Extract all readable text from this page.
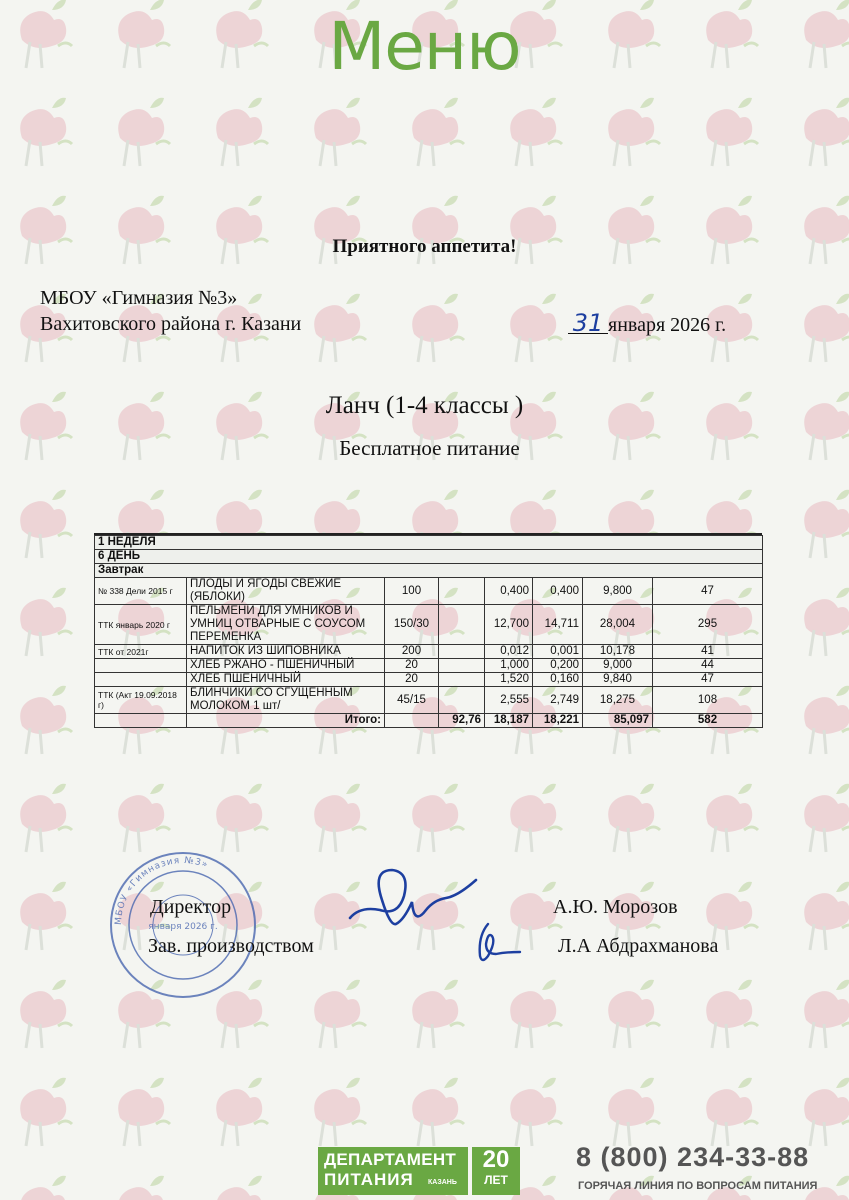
Меню
Приятного аппетита!
МБОУ «Гимназия №3»
Вахитовского района г. Казани	31 января 2026 г.
Ланч (1-4 классы )
Бесплатное питание
1 НЕДЕЛЯ							
6 ДЕНЬ							
Завтрак							
№ 338 Дели 2015 г	ПЛОДЫ И ЯГОДЫ СВЕЖИЕ (ЯБЛОКИ)	100		0,400	0,400	9,800	47
ТТК январь 2020 г	ПЕЛЬМЕНИ ДЛЯ УМНИКОВ И УМНИЦ ОТВАРНЫЕ С СОУСОМ ПЕРЕМЕНКА	150/30		12,700	14,711	28,004	295
ТТК от 2021г	НАПИТОК ИЗ ШИПОВНИКА	200		0,012	0,001	10,178	41
	ХЛЕБ РЖАНО - ПШЕНИЧНЫЙ	20		1,000	0,200	9,000	44
	ХЛЕБ ПШЕНИЧНЫЙ	20		1,520	0,160	9,840	47
ТТК (Акт 19.09.2018 г)	БЛИНЧИКИ СО СГУЩЕННЫМ МОЛОКОМ 1 шт/	45/15		2,555	2,749	18,275	108
	Итого:		92,76	18,187	18,221	85,097	582
МБОУ «Гимназия №3»
января 2026 г.
Директор	А.Ю. Морозов
Зав. производством	Л.А Абдрахманова
ДЕПАРТАМЕНТ
ПИТАНИЯ КАЗАНЬ
20
ЛЕТ
8 (800) 234-33-88
ГОРЯЧАЯ ЛИНИЯ ПО ВОПРОСАМ ПИТАНИЯ
